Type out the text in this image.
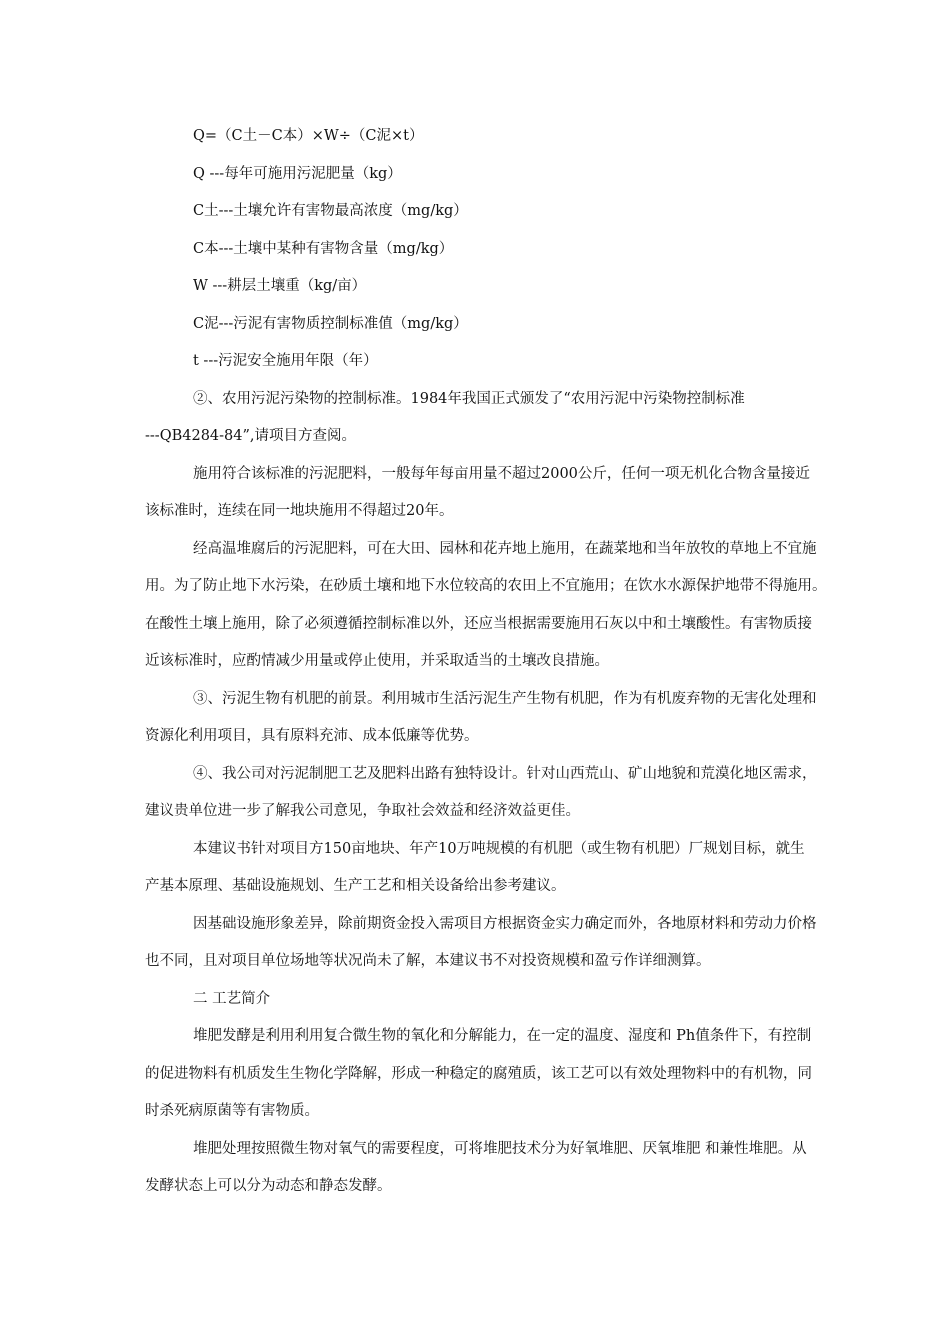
Q=（C土－C本）×W÷（C泥×t）
Q ---每年可施用污泥肥量（kg）
C土---土壤允许有害物最高浓度（mg/kg）
C本---土壤中某种有害物含量（mg/kg）
W ---耕层土壤重（kg/亩）
C泥---污泥有害物质控制标准值（mg/kg）
t ---污泥安全施用年限（年）
②、农用污泥污染物的控制标准。1984年我国正式颁发了“农用污泥中污染物控制标准
---QB4284-84”,请项目方查阅。
施用符合该标准的污泥肥料，一般每年每亩用量不超过2000公斤，任何一项无机化合物含量接近
该标准时，连续在同一地块施用不得超过20年。
经高温堆腐后的污泥肥料，可在大田、园林和花卉地上施用，在蔬菜地和当年放牧的草地上不宜施
用。为了防止地下水污染，在砂质土壤和地下水位较高的农田上不宜施用；在饮水水源保护地带不得施用。
在酸性土壤上施用，除了必须遵循控制标准以外，还应当根据需要施用石灰以中和土壤酸性。有害物质接
近该标准时，应酌情减少用量或停止使用，并采取适当的土壤改良措施。
③、污泥生物有机肥的前景。利用城市生活污泥生产生物有机肥，作为有机废弃物的无害化处理和
资源化利用项目，具有原料充沛、成本低廉等优势。
④、我公司对污泥制肥工艺及肥料出路有独特设计。针对山西荒山、矿山地貌和荒漠化地区需求，
建议贵单位进一步了解我公司意见，争取社会效益和经济效益更佳。
本建议书针对项目方150亩地块、年产10万吨规模的有机肥（或生物有机肥）厂规划目标，就生
产基本原理、基础设施规划、生产工艺和相关设备给出参考建议。
因基础设施形象差异，除前期资金投入需项目方根据资金实力确定而外，各地原材料和劳动力价格
也不同，且对项目单位场地等状况尚未了解，本建议书不对投资规模和盈亏作详细测算。
二 工艺简介
堆肥发酵是利用利用复合微生物的氧化和分解能力，在一定的温度、湿度和 Ph值条件下，有控制
的促进物料有机质发生生物化学降解，形成一种稳定的腐殖质，该工艺可以有效处理物料中的有机物，同
时杀死病原菌等有害物质。
堆肥处理按照微生物对氧气的需要程度，可将堆肥技术分为好氧堆肥、厌氧堆肥 和兼性堆肥。从
发酵状态上可以分为动态和静态发酵。
